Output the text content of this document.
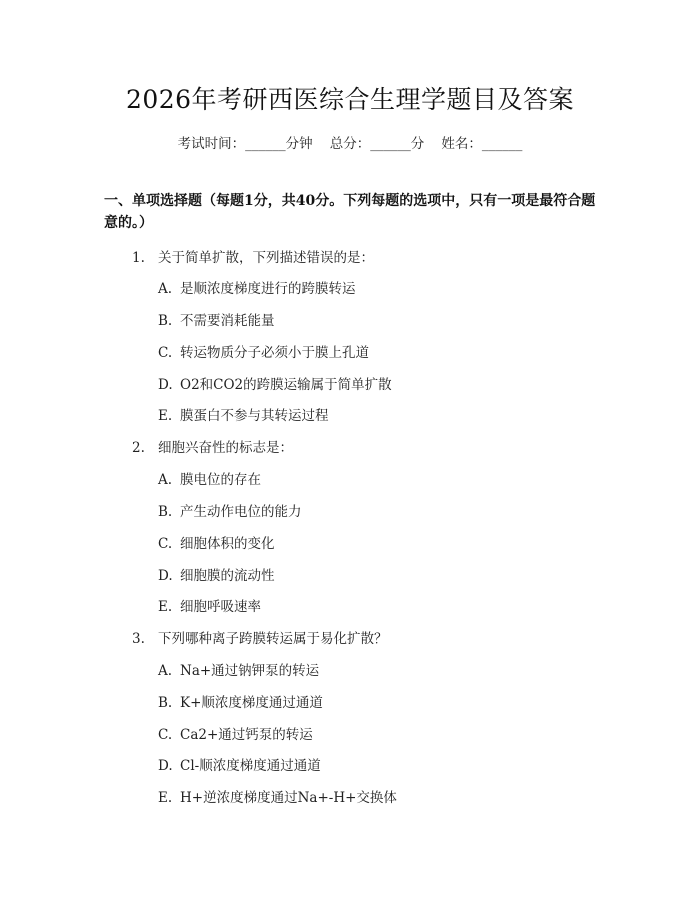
2026年考研西医综合生理学题目及答案
考试时间：______分钟    总分：______分    姓名：______
一、单项选择题（每题1分，共40分。下列每题的选项中，只有一项是最符合题意的。）
1. 关于简单扩散，下列描述错误的是：
A. 是顺浓度梯度进行的跨膜转运
B. 不需要消耗能量
C. 转运物质分子必须小于膜上孔道
D. O2和CO2的跨膜运输属于简单扩散
E. 膜蛋白不参与其转运过程
2. 细胞兴奋性的标志是：
A. 膜电位的存在
B. 产生动作电位的能力
C. 细胞体积的变化
D. 细胞膜的流动性
E. 细胞呼吸速率
3. 下列哪种离子跨膜转运属于易化扩散？
A. Na+通过钠钾泵的转运
B. K+顺浓度梯度通过通道
C. Ca2+通过钙泵的转运
D. Cl-顺浓度梯度通过通道
E. H+逆浓度梯度通过Na+-H+交换体
